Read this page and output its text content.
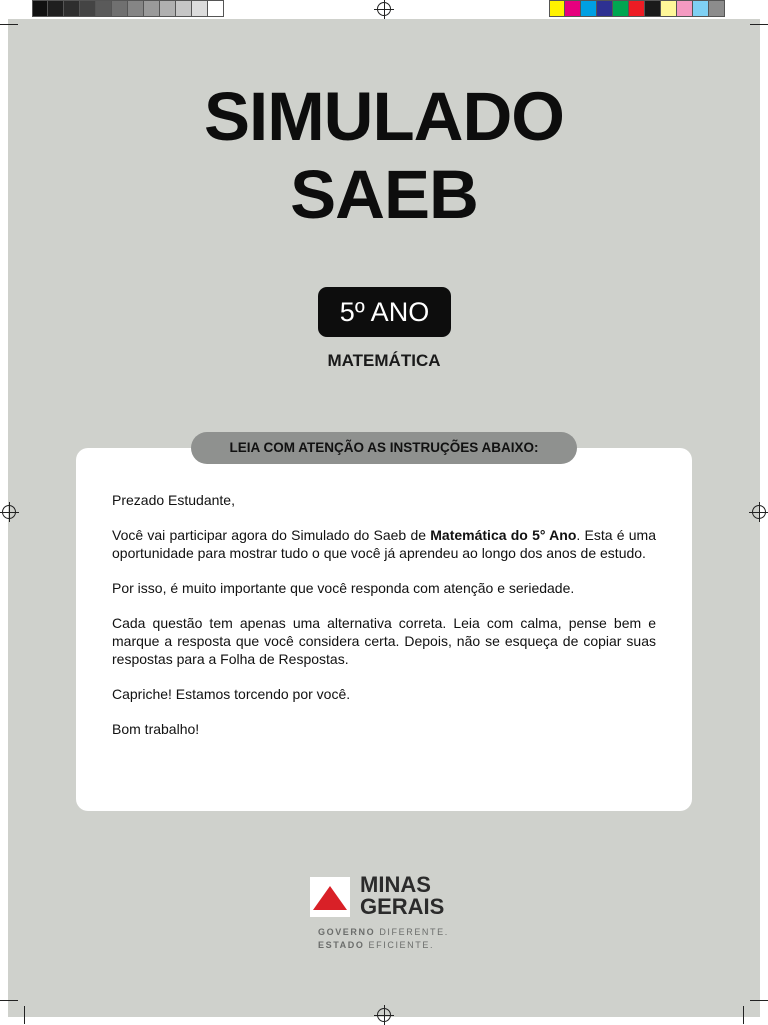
SIMULADO
SAEB
5º ANO
MATEMÁTICA
LEIA COM ATENÇÃO AS INSTRUÇÕES ABAIXO:

Prezado Estudante,

Você vai participar agora do Simulado do Saeb de Matemática do 5° Ano. Esta é uma oportunidade para mostrar tudo o que você já aprendeu ao longo dos anos de estudo.

Por isso, é muito importante que você responda com atenção e seriedade.

Cada questão tem apenas uma alternativa correta. Leia com calma, pense bem e marque a resposta que você considera certa. Depois, não se esqueça de copiar suas respostas para a Folha de Respostas.

Capriche! Estamos torcendo por você.

Bom trabalho!

MINAS
GERAIS
GOVERNO DIFERENTE.
ESTADO EFICIENTE.
